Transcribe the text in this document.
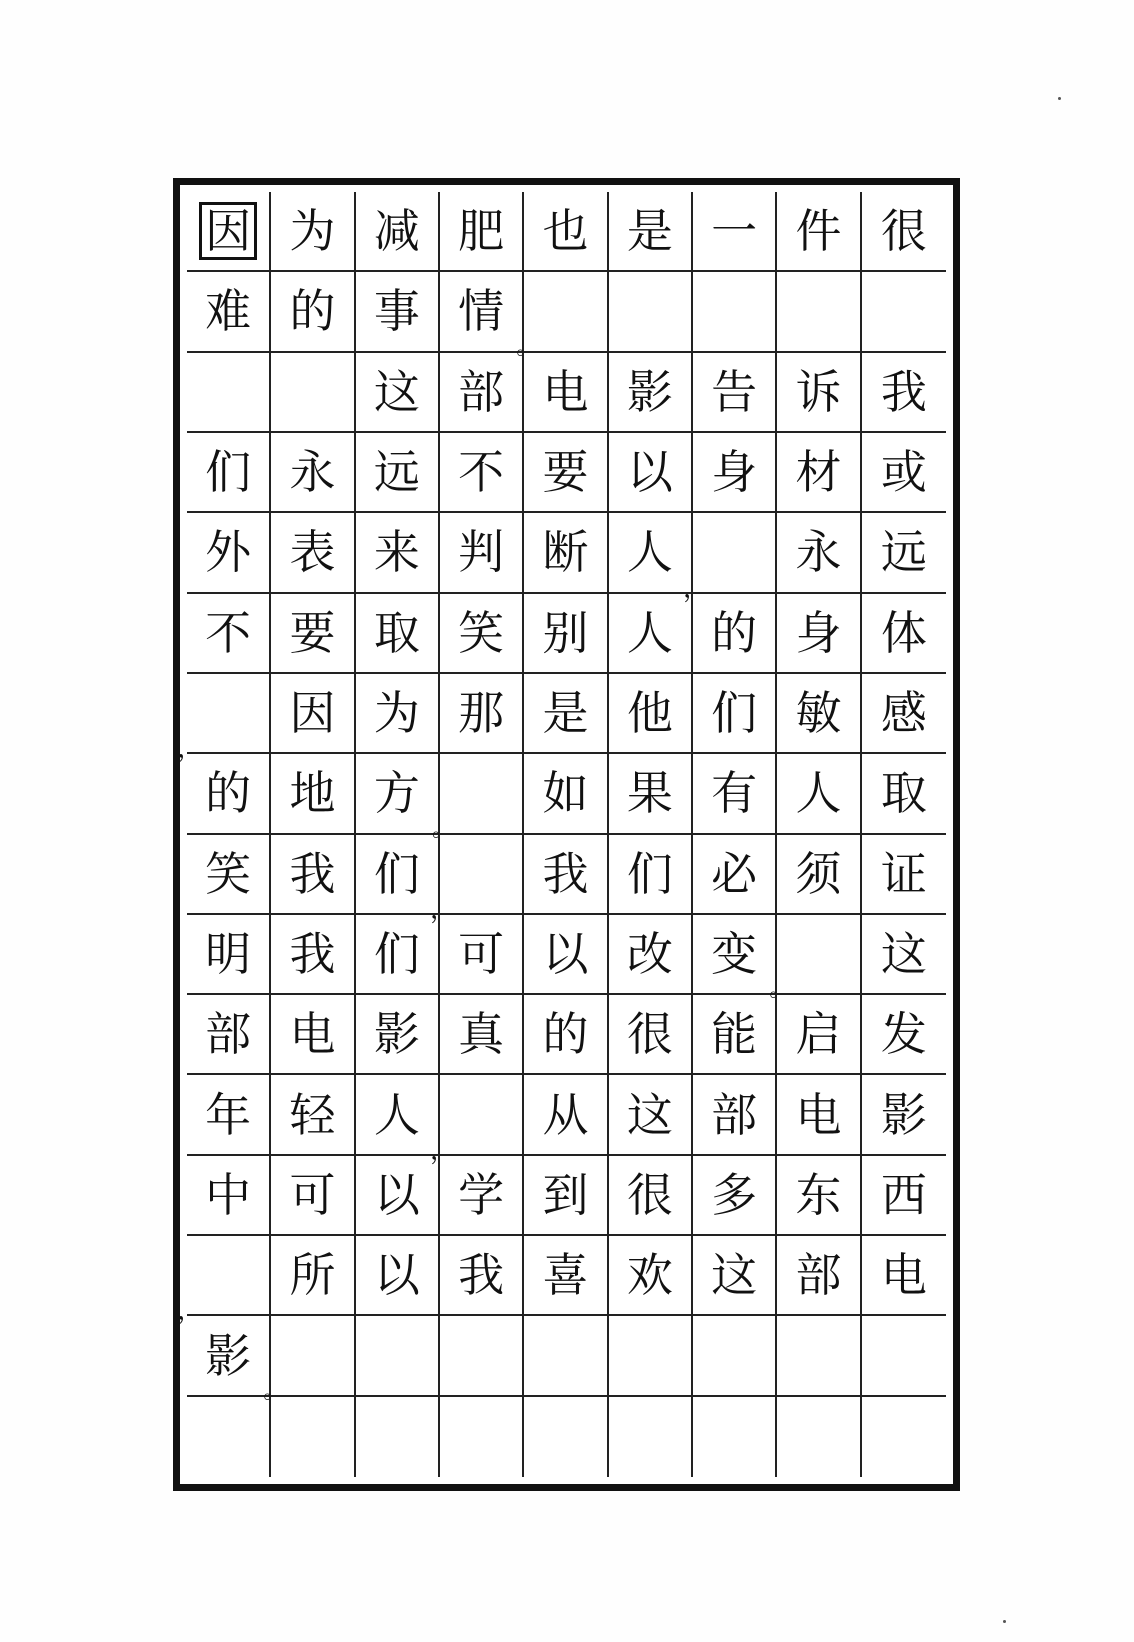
因 为 减 肥 也 是 一 件 很
难 的 事 情
。
这 部 电 影 告 诉 我
们 永 远 不 要 以 身 材 或
外 表 来 判 断 人
，
永 远
不 要 取 笑 别 人 的 身 体
，
因 为 那 是 他 们 敏 感
的 地 方
。
如 果 有 人 取
笑 我 们
，
我 们 必 须 证
明 我 们 可 以 改 变
。
这
部 电 影 真 的 很 能 启 发
年 轻 人
，
从 这 部 电 影
中 可 以 学 到 很 多 东 西
，
所 以 我 喜 欢 这 部 电
影
。
